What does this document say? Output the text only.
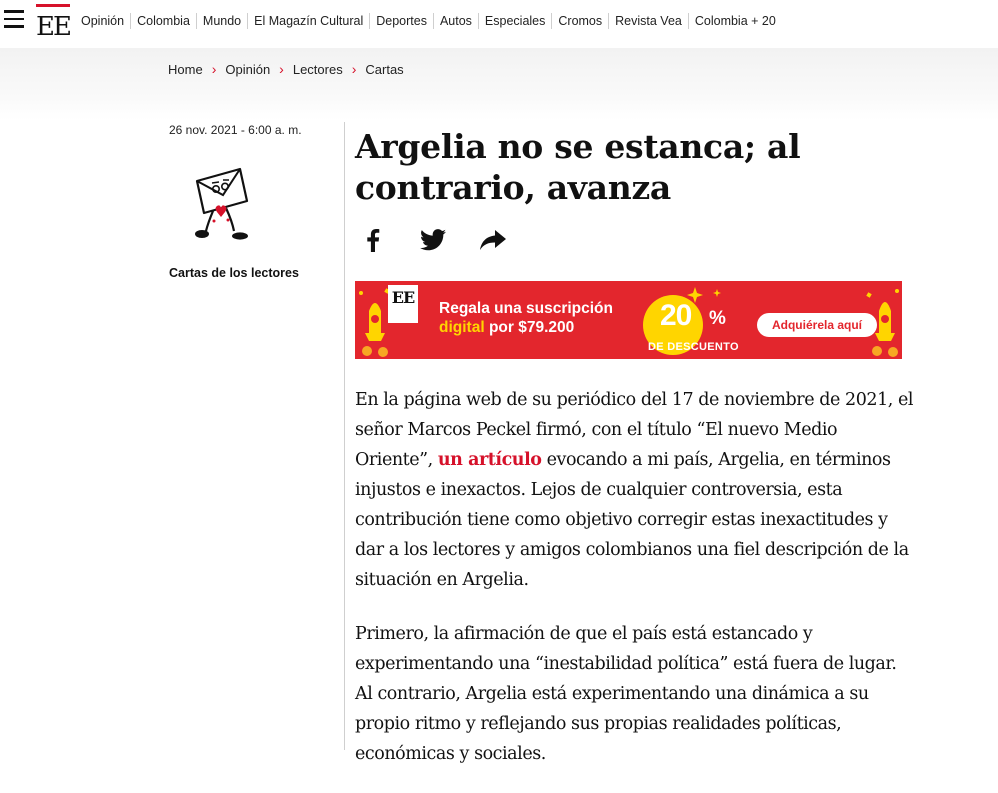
EE Opinión	Colombia	Mundo	El Magazín Cultural	Deportes	Autos	Especiales	Cromos	Revista Vea	Colombia + 20
Home › Opinión › Lectores › Cartas
26 nov. 2021 - 6:00 a. m.
Cartas de los lectores
Argelia no se estanca; al contrario, avanza
EE
Regala una suscripción
digital por $79.200	20 %
DE DESCUENTO
Adquiérela aquí

En la página web de su periódico del 17 de noviembre de 2021, el señor Marcos Peckel firmó, con el título “El nuevo Medio Oriente”, un artículo evocando a mi país, Argelia, en términos injustos e inexactos. Lejos de cualquier controversia, esta contribución tiene como objetivo corregir estas inexactitudes y dar a los lectores y amigos colombianos una fiel descripción de la situación en Argelia.

Primero, la afirmación de que el país está estancado y experimentando una “inestabilidad política” está fuera de lugar. Al contrario, Argelia está experimentando una dinámica a su propio ritmo y reflejando sus propias realidades políticas, económicas y sociales.
